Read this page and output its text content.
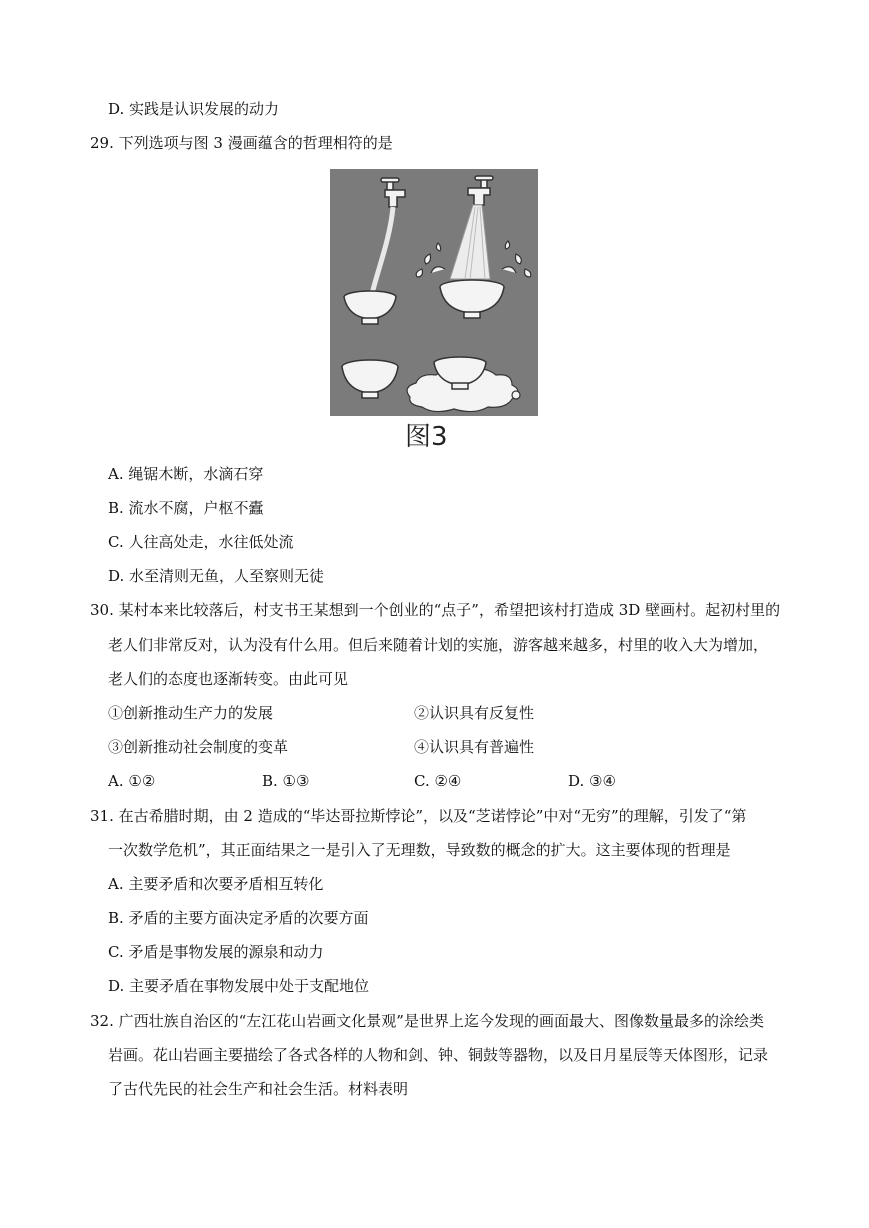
D. 实践是认识发展的动力
29. 下列选项与图 3 漫画蕴含的哲理相符的是
图3
A. 绳锯木断，水滴石穿
B. 流水不腐，户枢不蠹
C. 人往高处走，水往低处流
D. 水至清则无鱼，人至察则无徒
30. 某村本来比较落后，村支书王某想到一个创业的“点子”，希望把该村打造成 3D 壁画村。起初村里的
老人们非常反对，认为没有什么用。但后来随着计划的实施，游客越来越多，村里的收入大为增加，
老人们的态度也逐渐转变。由此可见
①创新推动生产力的发展	②认识具有反复性
③创新推动社会制度的变革	④认识具有普遍性
A. ①②	B. ①③	C. ②④	D. ③④
31. 在古希腊时期，由 2 造成的“毕达哥拉斯悖论”，以及“芝诺悖论”中对“无穷”的理解，引发了“第
一次数学危机”，其正面结果之一是引入了无理数，导致数的概念的扩大。这主要体现的哲理是
A. 主要矛盾和次要矛盾相互转化
B. 矛盾的主要方面决定矛盾的次要方面
C. 矛盾是事物发展的源泉和动力
D. 主要矛盾在事物发展中处于支配地位
32. 广西壮族自治区的“左江花山岩画文化景观”是世界上迄今发现的画面最大、图像数量最多的涂绘类
岩画。花山岩画主要描绘了各式各样的人物和剑、钟、铜鼓等器物，以及日月星辰等天体图形，记录
了古代先民的社会生产和社会生活。材料表明
